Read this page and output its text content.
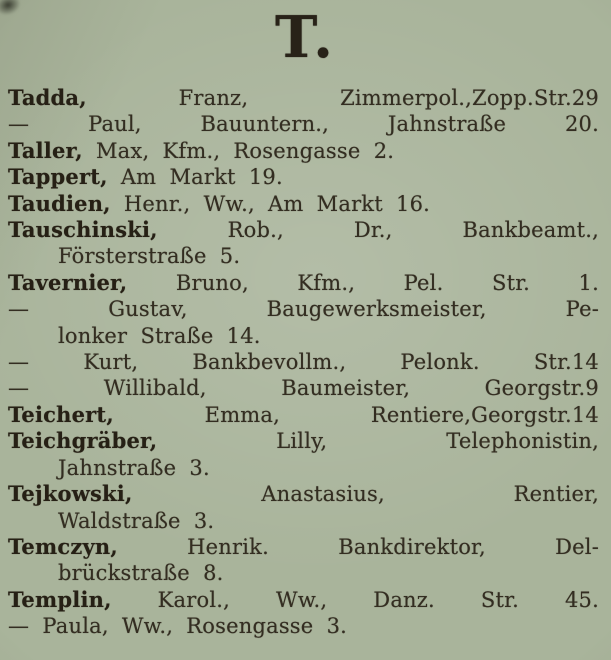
T.
Tadda, Franz, Zimmerpol.,Zopp.Str.29
— Paul, Bauuntern., Jahnstraße 20.
Taller, Max, Kfm., Rosengasse 2.
Tappert, Am Markt 19.
Taudien, Henr., Ww., Am Markt 16.
Tauschinski, Rob., Dr., Bankbeamt.,
Försterstraße 5.
Tavernier, Bruno, Kfm., Pel. Str. 1.
— Gustav, Baugewerksmeister, Pe-
lonker Straße 14.
— Kurt, Bankbevollm., Pelonk. Str.14
— Willibald, Baumeister, Georgstr.9
Teichert, Emma, Rentiere,Georgstr.14
Teichgräber, Lilly, Telephonistin,
Jahnstraße 3.
Tejkowski, Anastasius, Rentier,
Waldstraße 3.
Temczyn, Henrik. Bankdirektor, Del-
brückstraße 8.
Templin, Karol., Ww., Danz. Str. 45.
— Paula, Ww., Rosengasse 3.
